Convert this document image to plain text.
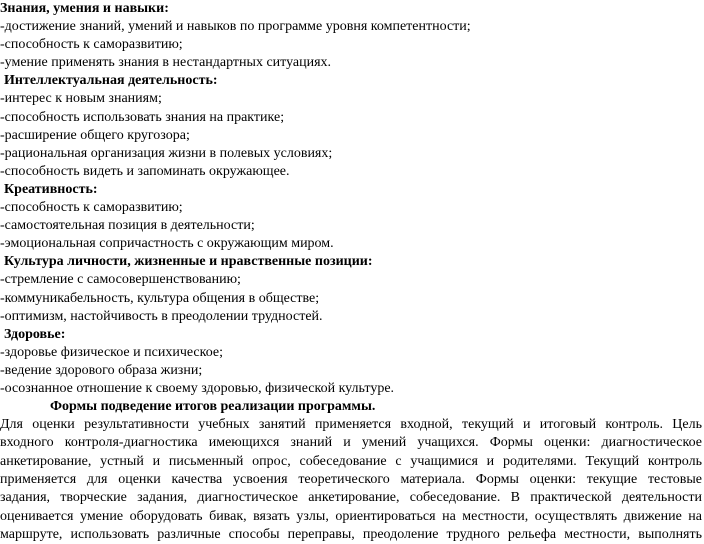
Знания, умения и навыки:
-достижение знаний, умений и навыков по программе уровня компетентности;
-способность к саморазвитию;
-умение применять знания в нестандартных ситуациях.
Интеллектуальная деятельность:
-интерес к новым знаниям;
-способность использовать знания на практике;
-расширение общего кругозора;
-рациональная организация жизни в полевых условиях;
-способность видеть и запоминать окружающее.
Креативность:
-способность к саморазвитию;
-самостоятельная позиция в деятельности;
-эмоциональная сопричастность с окружающим миром.
Культура личности, жизненные и нравственные позиции:
-стремление с самосовершенствованию;
-коммуникабельность, культура общения в обществе;
-оптимизм, настойчивость в преодолении трудностей.
Здоровье:
-здоровье физическое и психическое;
-ведение здорового образа жизни;
-осознанное отношение к своему здоровью, физической культуре.
Формы подведение итогов реализации программы.
Для оценки результативности учебных занятий применяется входной, текущий и итоговый контроль. Цель
входного контроля-диагностика имеющихся знаний и умений учащихся. Формы оценки: диагностическое
анкетирование, устный и письменный опрос, собеседование с учащимися и родителями. Текущий контроль
применяется для оценки качества усвоения теоретического материала. Формы оценки: текущие тестовые
задания, творческие задания, диагностическое анкетирование, собеседование. В практической деятельности
оценивается умение оборудовать бивак, вязать узлы, ориентироваться на местности, осуществлять движение на
маршруте, использовать различные способы переправы, преодоление трудного рельефа местности, выполнять
